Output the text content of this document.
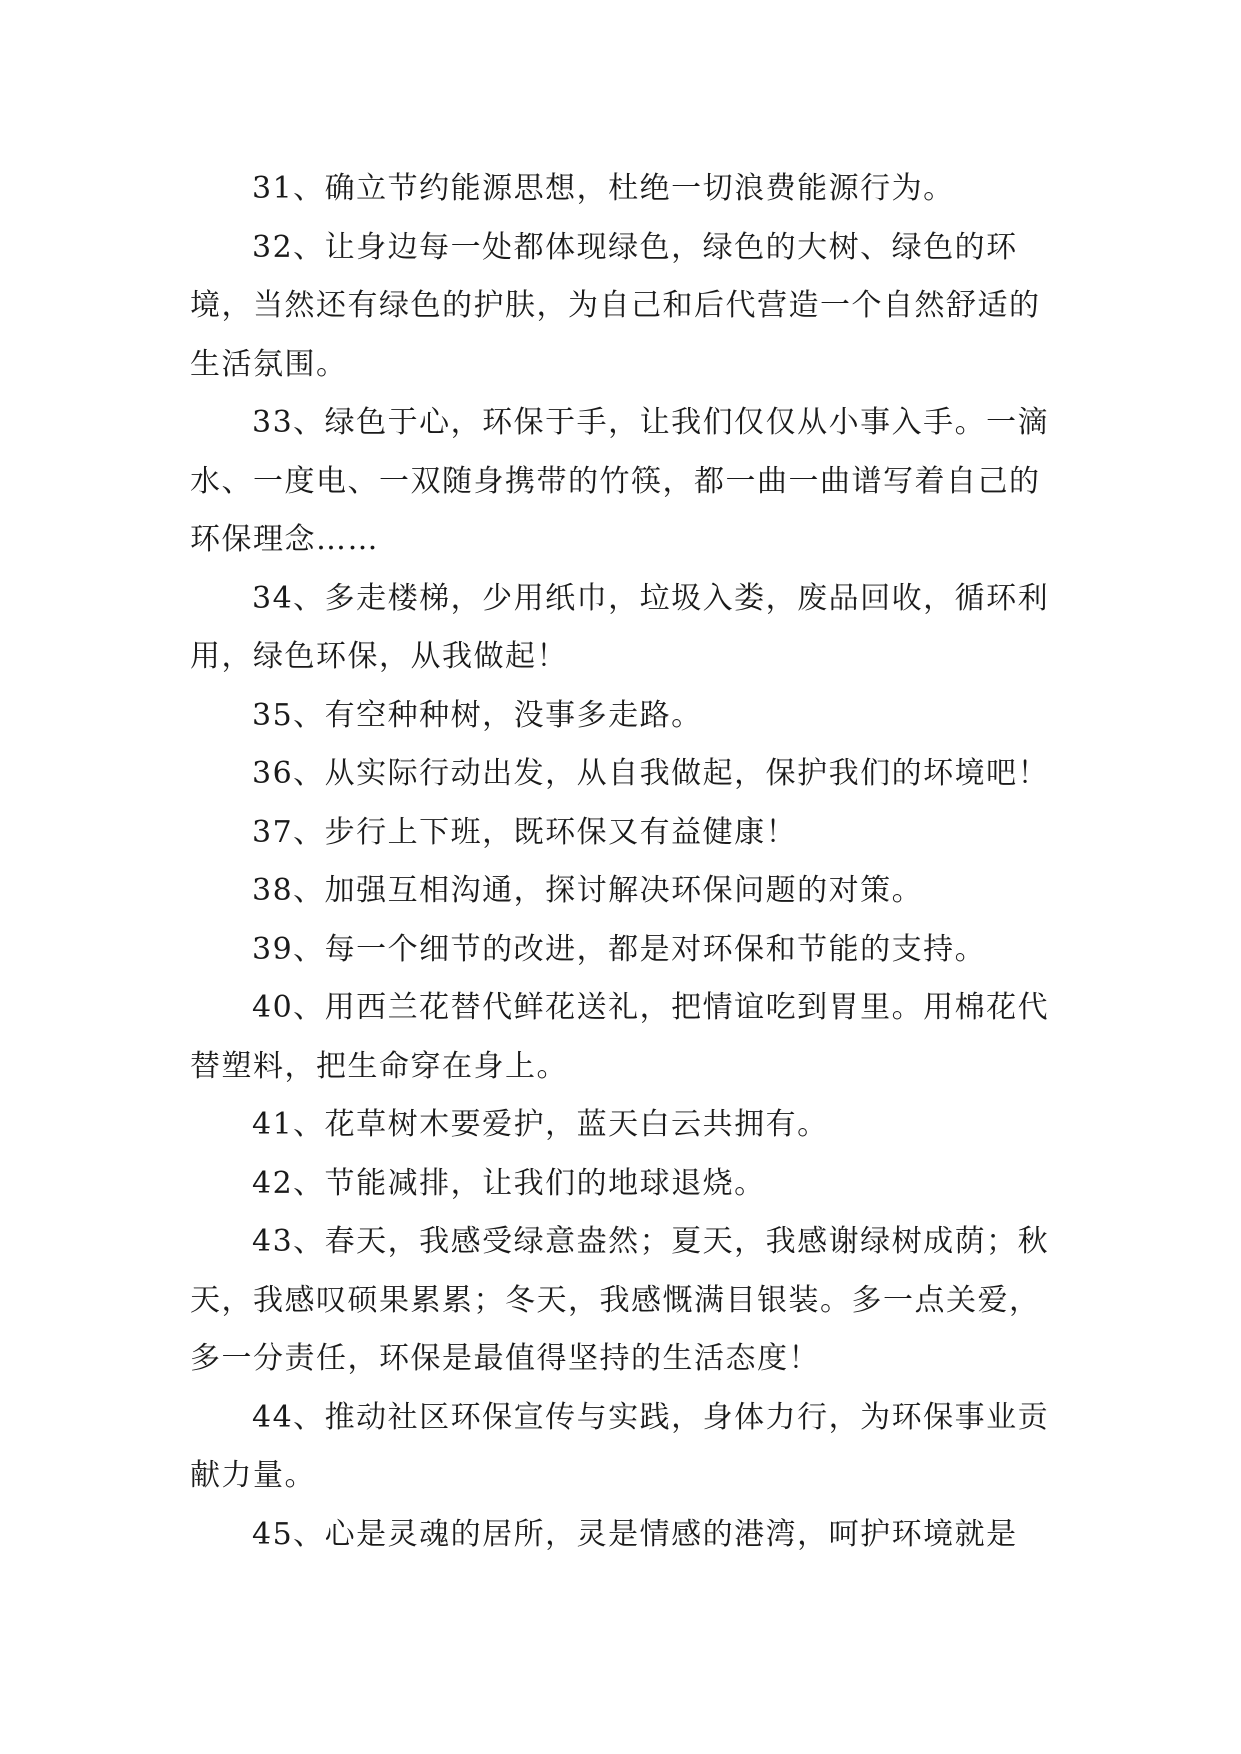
31、确立节约能源思想，杜绝一切浪费能源行为。

32、让身边每一处都体现绿色，绿色的大树、绿色的环境，当然还有绿色的护肤，为自己和后代营造一个自然舒适的生活氛围。

33、绿色于心，环保于手，让我们仅仅从小事入手。一滴水、一度电、一双随身携带的竹筷，都一曲一曲谱写着自己的环保理念……

34、多走楼梯，少用纸巾，垃圾入娄，废品回收，循环利用，绿色环保，从我做起！

35、有空种种树，没事多走路。

36、从实际行动出发，从自我做起，保护我们的坏境吧！

37、步行上下班，既环保又有益健康！

38、加强互相沟通，探讨解决环保问题的对策。

39、每一个细节的改进，都是对环保和节能的支持。

40、用西兰花替代鲜花送礼，把情谊吃到胃里。用棉花代替塑料，把生命穿在身上。

41、花草树木要爱护，蓝天白云共拥有。

42、节能减排，让我们的地球退烧。

43、春天，我感受绿意盎然；夏天，我感谢绿树成荫；秋天，我感叹硕果累累；冬天，我感慨满目银装。多一点关爱，多一分责任，环保是最值得坚持的生活态度！

44、推动社区环保宣传与实践，身体力行，为环保事业贡献力量。

45、心是灵魂的居所，灵是情感的港湾，呵护环境就是
